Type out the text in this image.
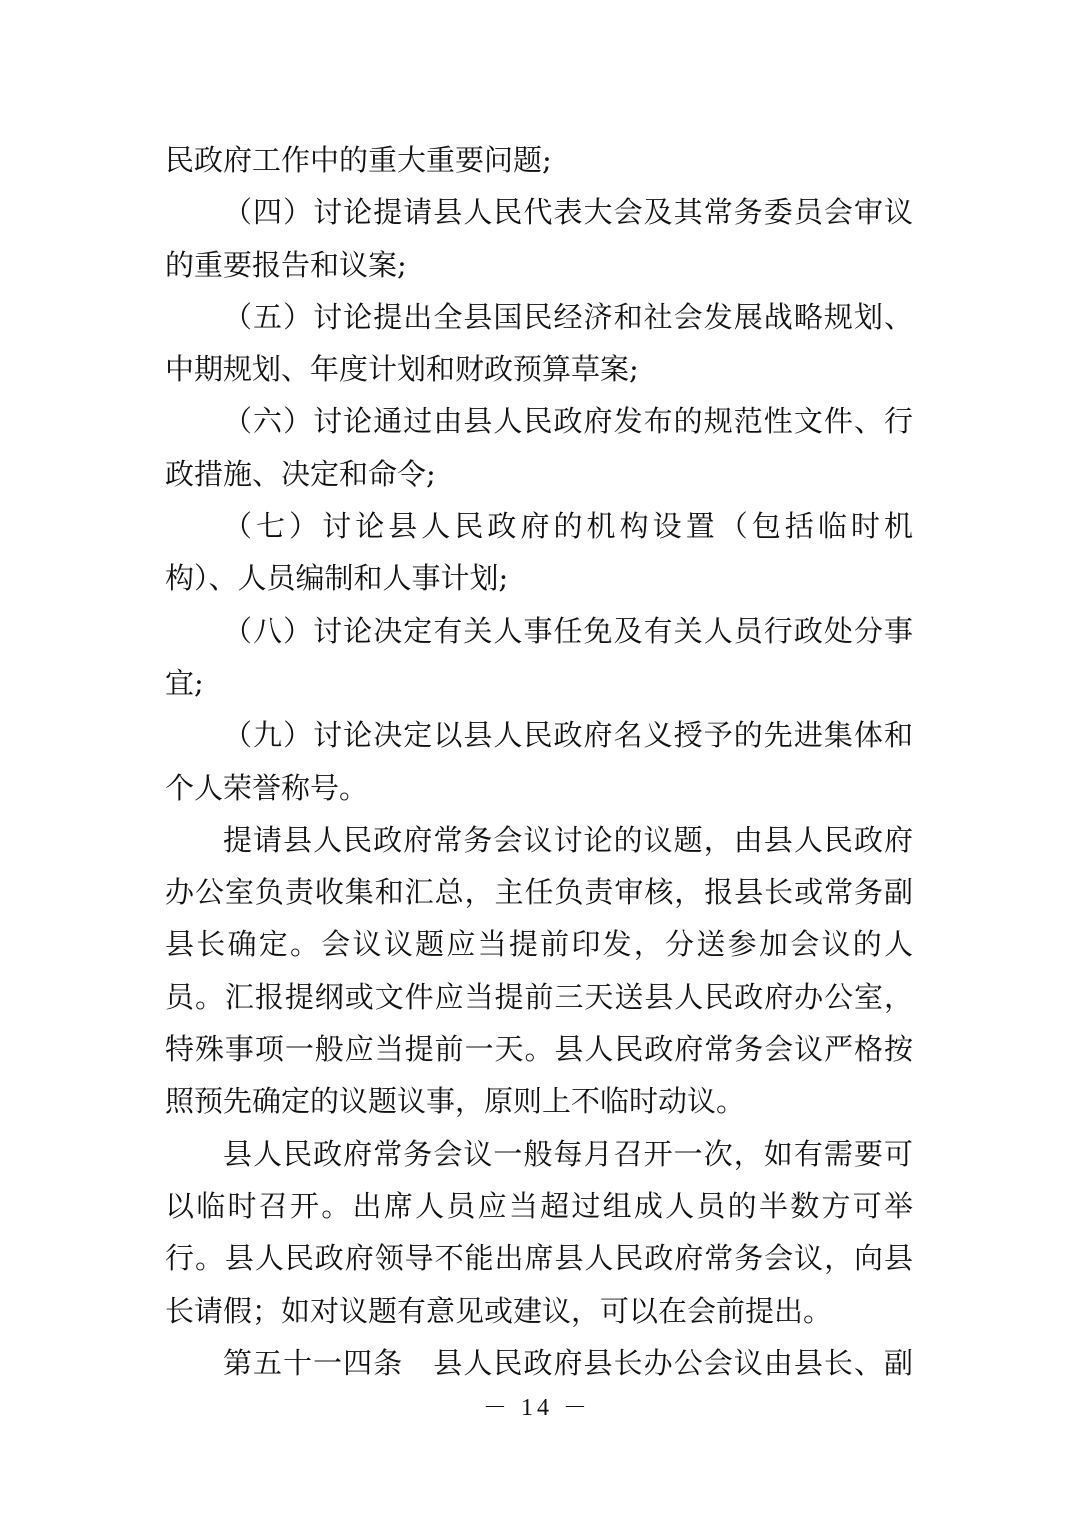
民政府工作中的重大重要问题;
（四）讨论提请县人民代表大会及其常务委员会审议
的重要报告和议案;
（五）讨论提出全县国民经济和社会发展战略规划、
中期规划、年度计划和财政预算草案;
（六）讨论通过由县人民政府发布的规范性文件、行
政措施、决定和命令;
（七）讨论县人民政府的机构设置（包括临时机
构）、人员编制和人事计划;
（八）讨论决定有关人事任免及有关人员行政处分事
宜;
（九）讨论决定以县人民政府名义授予的先进集体和
个人荣誉称号。
提请县人民政府常务会议讨论的议题，由县人民政府
办公室负责收集和汇总，主任负责审核，报县长或常务副
县长确定。会议议题应当提前印发，分送参加会议的人
员。汇报提纲或文件应当提前三天送县人民政府办公室，
特殊事项一般应当提前一天。县人民政府常务会议严格按
照预先确定的议题议事，原则上不临时动议。
县人民政府常务会议一般每月召开一次，如有需要可
以临时召开。出席人员应当超过组成人员的半数方可举
行。县人民政府领导不能出席县人民政府常务会议，向县
长请假；如对议题有意见或建议，可以在会前提出。
第五十一四条　县人民政府县长办公会议由县长、副
－ 14 －
